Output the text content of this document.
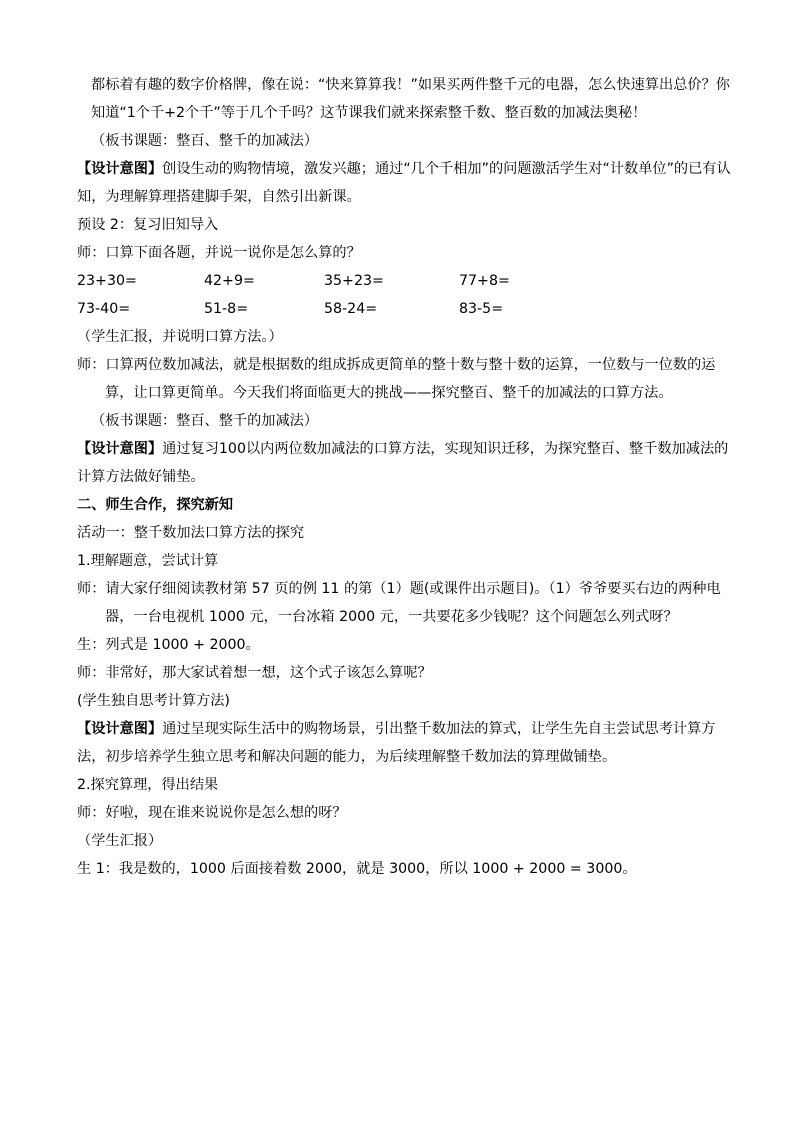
都标着有趣的数字价格牌，像在说：“快来算算我！”如果买两件整千元的电器，怎么快速算出总价？你知道“1个千+2个千”等于几个千吗？这节课我们就来探索整千数、整百数的加减法奥秘！

（板书课题：整百、整千的加减法）

【设计意图】创设生动的购物情境，激发兴趣；通过“几个千相加”的问题激活学生对“计数单位”的已有认知，为理解算理搭建脚手架，自然引出新课。

预设 2：复习旧知导入

师：口算下面各题，并说一说你是怎么算的？

23+30=	42+9=	35+23=	77+8=
73-40=	51-8=	58-24=	83-5=

（学生汇报，并说明口算方法。）

师：口算两位数加减法，就是根据数的组成拆成更简单的整十数与整十数的运算，一位数与一位数的运算，让口算更简单。今天我们将面临更大的挑战——探究整百、整千的加减法的口算方法。

（板书课题：整百、整千的加减法）

【设计意图】通过复习100以内两位数加减法的口算方法，实现知识迁移，为探究整百、整千数加减法的计算方法做好铺垫。

二、师生合作，探究新知

活动一：整千数加法口算方法的探究

1.理解题意，尝试计算

师：请大家仔细阅读教材第 57 页的例 11 的第（1）题(或课件出示题目)。（1）爷爷要买右边的两种电器，一台电视机 1000 元，一台冰箱 2000 元，一共要花多少钱呢？这个问题怎么列式呀？

生：列式是 1000 + 2000。

师：非常好，那大家试着想一想，这个式子该怎么算呢？

(学生独自思考计算方法)

【设计意图】通过呈现实际生活中的购物场景，引出整千数加法的算式，让学生先自主尝试思考计算方法，初步培养学生独立思考和解决问题的能力，为后续理解整千数加法的算理做铺垫。

2.探究算理，得出结果

师：好啦，现在谁来说说你是怎么想的呀？

（学生汇报）

生 1：我是数的，1000 后面接着数 2000，就是 3000，所以 1000 + 2000 = 3000。
